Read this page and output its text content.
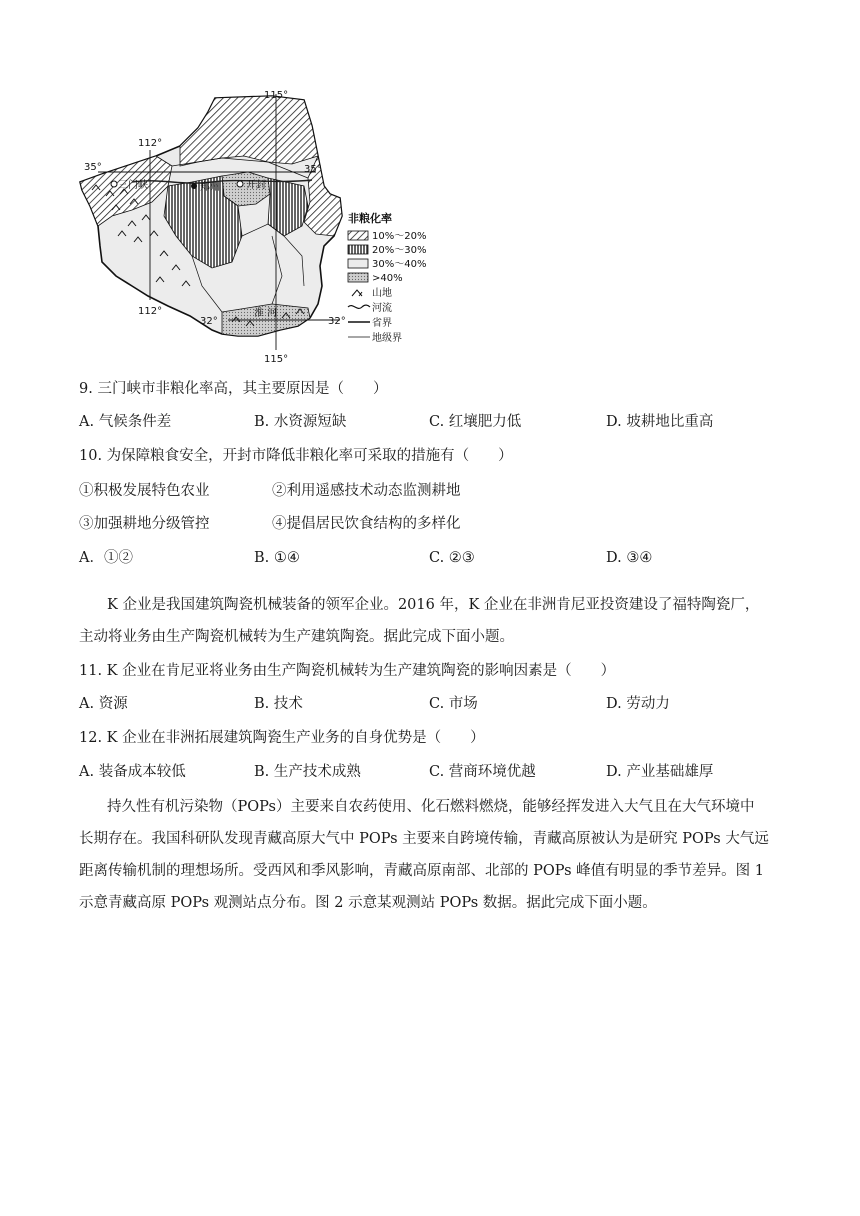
115°
112°
35°	35°
三门峡	郑州	开封
112°
32°	32°
淮 河
115°
非粮化率
10%～20%
20%～30%
30%～40%
>40%
山地
河流
省界
地级界
9. 三门峡市非粮化率高，其主要原因是（　　）
A. 气候条件差	B. 水资源短缺	C. 红壤肥力低	D. 坡耕地比重高
10. 为保障粮食安全，开封市降低非粮化率可采取的措施有（　　）
①积极发展特色农业	②利用遥感技术动态监测耕地
③加强耕地分级管控	④提倡居民饮食结构的多样化
A．①②	B. ①④	C. ②③	D. ③④
K 企业是我国建筑陶瓷机械装备的领军企业。2016 年，K 企业在非洲肯尼亚投资建设了福特陶瓷厂，
主动将业务由生产陶瓷机械转为生产建筑陶瓷。据此完成下面小题。
11. K 企业在肯尼亚将业务由生产陶瓷机械转为生产建筑陶瓷的影响因素是（　　）
A. 资源	B. 技术	C. 市场	D. 劳动力
12. K 企业在非洲拓展建筑陶瓷生产业务的自身优势是（　　）
A. 装备成本较低	B. 生产技术成熟	C. 营商环境优越	D. 产业基础雄厚
持久性有机污染物（POPs）主要来自农药使用、化石燃料燃烧，能够经挥发进入大气且在大气环境中
长期存在。我国科研队发现青藏高原大气中 POPs 主要来自跨境传输，青藏高原被认为是研究 POPs 大气远
距离传输机制的理想场所。受西风和季风影响，青藏高原南部、北部的 POPs 峰值有明显的季节差异。图 1
示意青藏高原 POPs 观测站点分布。图 2 示意某观测站 POPs 数据。据此完成下面小题。
